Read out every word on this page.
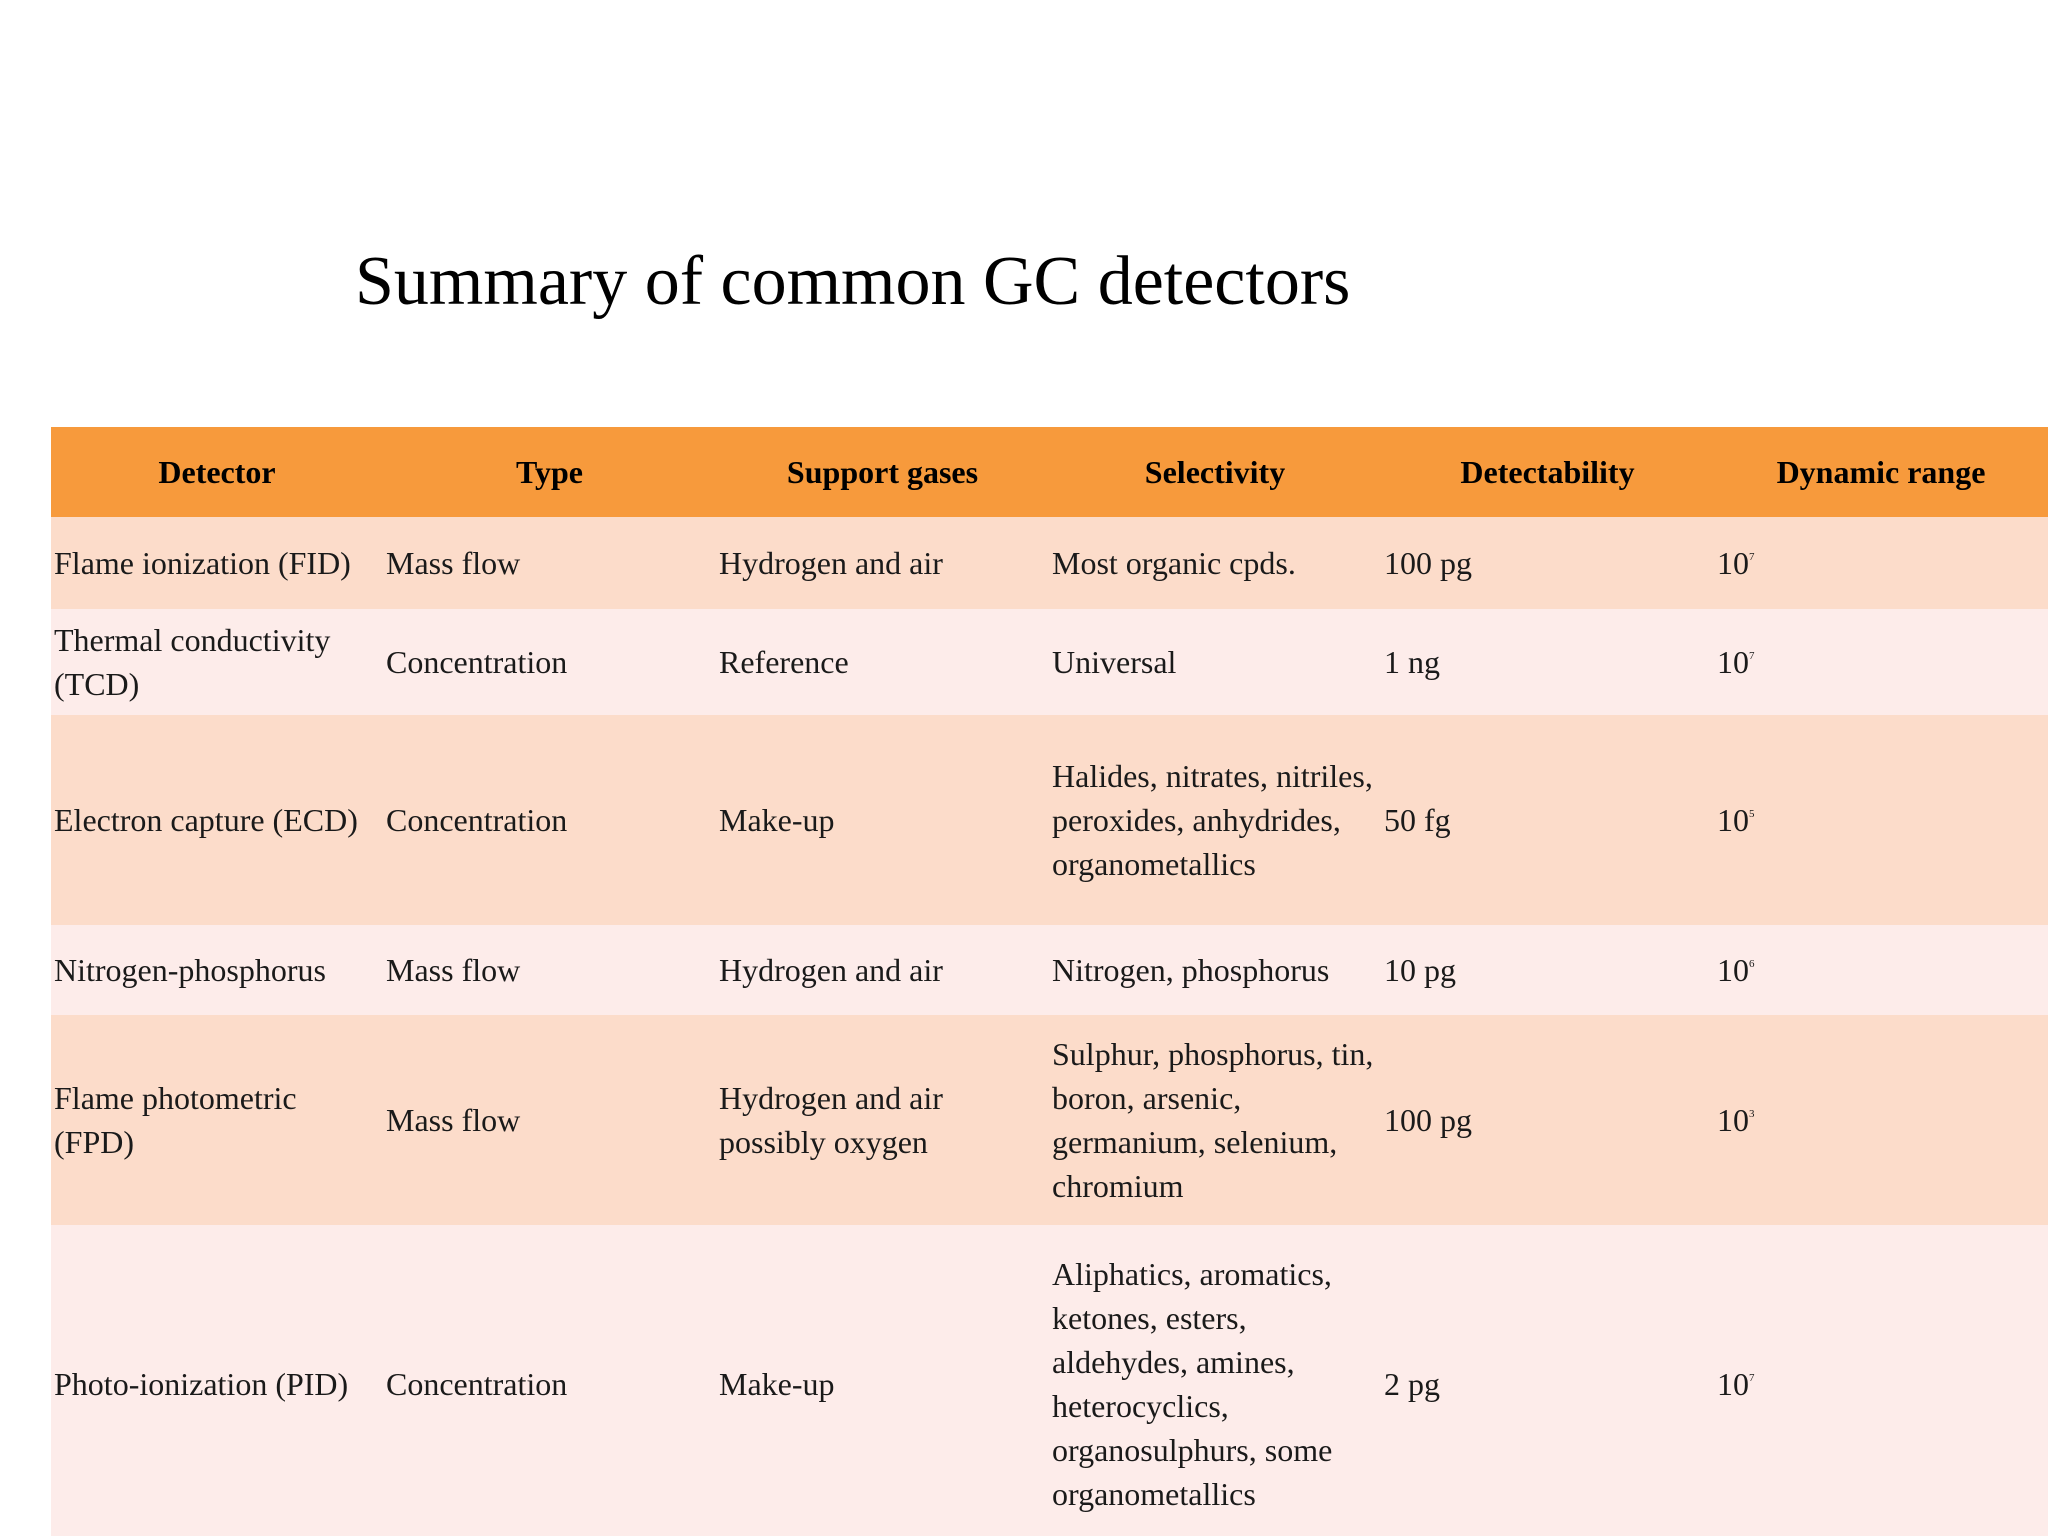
Summary of common GC detectors
Detector	Type	Support gases	Selectivity	Detectability	Dynamic range
Flame ionization (FID)	Mass flow	Hydrogen and air	Most organic cpds.	100 pg	$10^7$
Thermal conductivity (TCD)	Concentration	Reference	Universal	1 ng	$10^7$
Electron capture (ECD)	Concentration	Make-up	Halides, nitrates, nitriles, peroxides, anhydrides, organometallics	50 fg	$10^5$
Nitrogen-phosphorus	Mass flow	Hydrogen and air	Nitrogen, phosphorus	10 pg	$10^6$
Flame photometric (FPD)	Mass flow	Hydrogen and air possibly oxygen	Sulphur, phosphorus, tin, boron, arsenic, germanium, selenium, chromium	100 pg	$10^3$
Photo-ionization (PID)	Concentration	Make-up	Aliphatics, aromatics, ketones, esters, aldehydes, amines, heterocyclics, organosulphurs, some organometallics	2 pg	$10^7$
